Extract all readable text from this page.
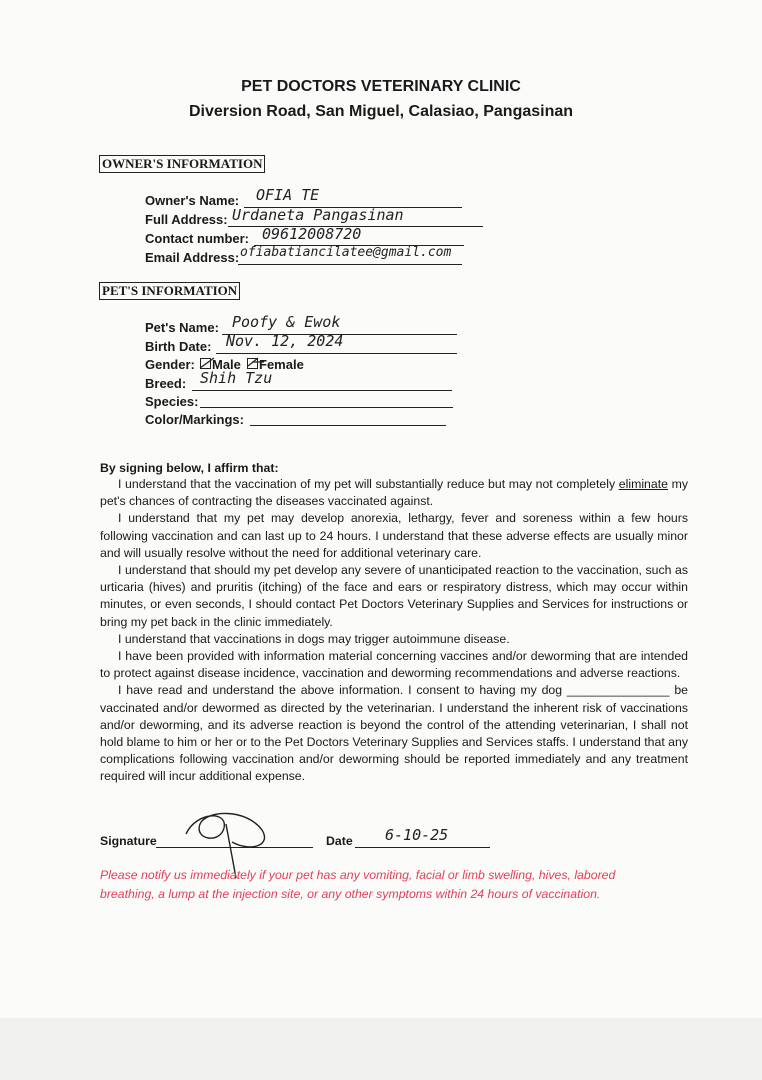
PET DOCTORS VETERINARY CLINIC
Diversion Road, San Miguel, Calasiao, Pangasinan
OWNER'S INFORMATION
Owner's Name: OFIA TE
Full Address: Urdaneta Pangasinan
Contact number: 09612008720
Email Address: ofiabatiancilatee@gmail.com
PET'S INFORMATION
Pet's Name: Poofy & Ewok
Birth Date: Nov. 12, 2024
Gender: Male Female
Breed: Shih Tzu
Species:
Color/Markings:
By signing below, I affirm that:

I understand that the vaccination of my pet will substantially reduce but may not completely eliminate my pet's chances of contracting the diseases vaccinated against.

I understand that my pet may develop anorexia, lethargy, fever and soreness within a few hours following vaccination and can last up to 24 hours. I understand that these adverse effects are usually minor and will usually resolve without the need for additional veterinary care.

I understand that should my pet develop any severe of unanticipated reaction to the vaccination, such as urticaria (hives) and pruritis (itching) of the face and ears or respiratory distress, which may occur within minutes, or even seconds, I should contact Pet Doctors Veterinary Supplies and Services for instructions or bring my pet back in the clinic immediately.

I understand that vaccinations in dogs may trigger autoimmune disease.

I have been provided with information material concerning vaccines and/or deworming that are intended to protect against disease incidence, vaccination and deworming recommendations and adverse reactions.

I have read and understand the above information. I consent to having my dog _______________ be vaccinated and/or dewormed as directed by the veterinarian. I understand the inherent risk of vaccinations and/or deworming, and its adverse reaction is beyond the control of the attending veterinarian, I shall not hold blame to him or her or to the Pet Doctors Veterinary Supplies and Services staffs. I understand that any complications following vaccination and/or deworming should be reported immediately and any treatment required will incur additional expense.

Signature	Date 6-10-25
Please notify us immediately if your pet has any vomiting, facial or limb swelling, hives, labored breathing, a lump at the injection site, or any other symptoms within 24 hours of vaccination.
